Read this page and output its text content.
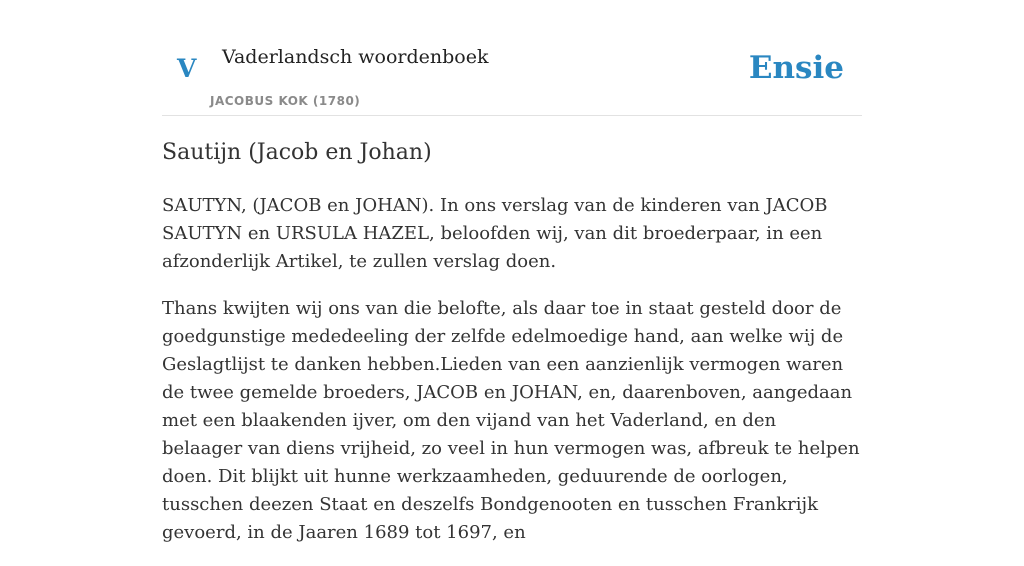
V Vaderlandsch woordenboek
JACOBUS KOK (1780)
Ensie
Sautijn (Jacob en Johan)

SAUTYN, (JACOB en JOHAN). In ons verslag van de kinderen van JACOB SAUTYN en URSULA HAZEL, beloofden wij, van dit broederpaar, in een afzonderlijk Artikel, te zullen verslag doen.

Thans kwijten wij ons van die belofte, als daar toe in staat gesteld door de goedgunstige mededeeling der zelfde edelmoedige hand, aan welke wij de Geslagtlijst te danken hebben.Lieden van een aanzienlijk vermogen waren de twee gemelde broeders, JACOB en JOHAN, en, daarenboven, aangedaan met een blaakenden ijver, om den vijand van het Vaderland, en den belaager van diens vrijheid, zo veel in hun vermogen was, afbreuk te helpen doen. Dit blijkt uit hunne werkzaamheden, geduurende de oorlogen, tusschen deezen Staat en deszelfs Bondgenooten en tusschen Frankrijk gevoerd, in de Jaaren 1689 tot 1697, en
